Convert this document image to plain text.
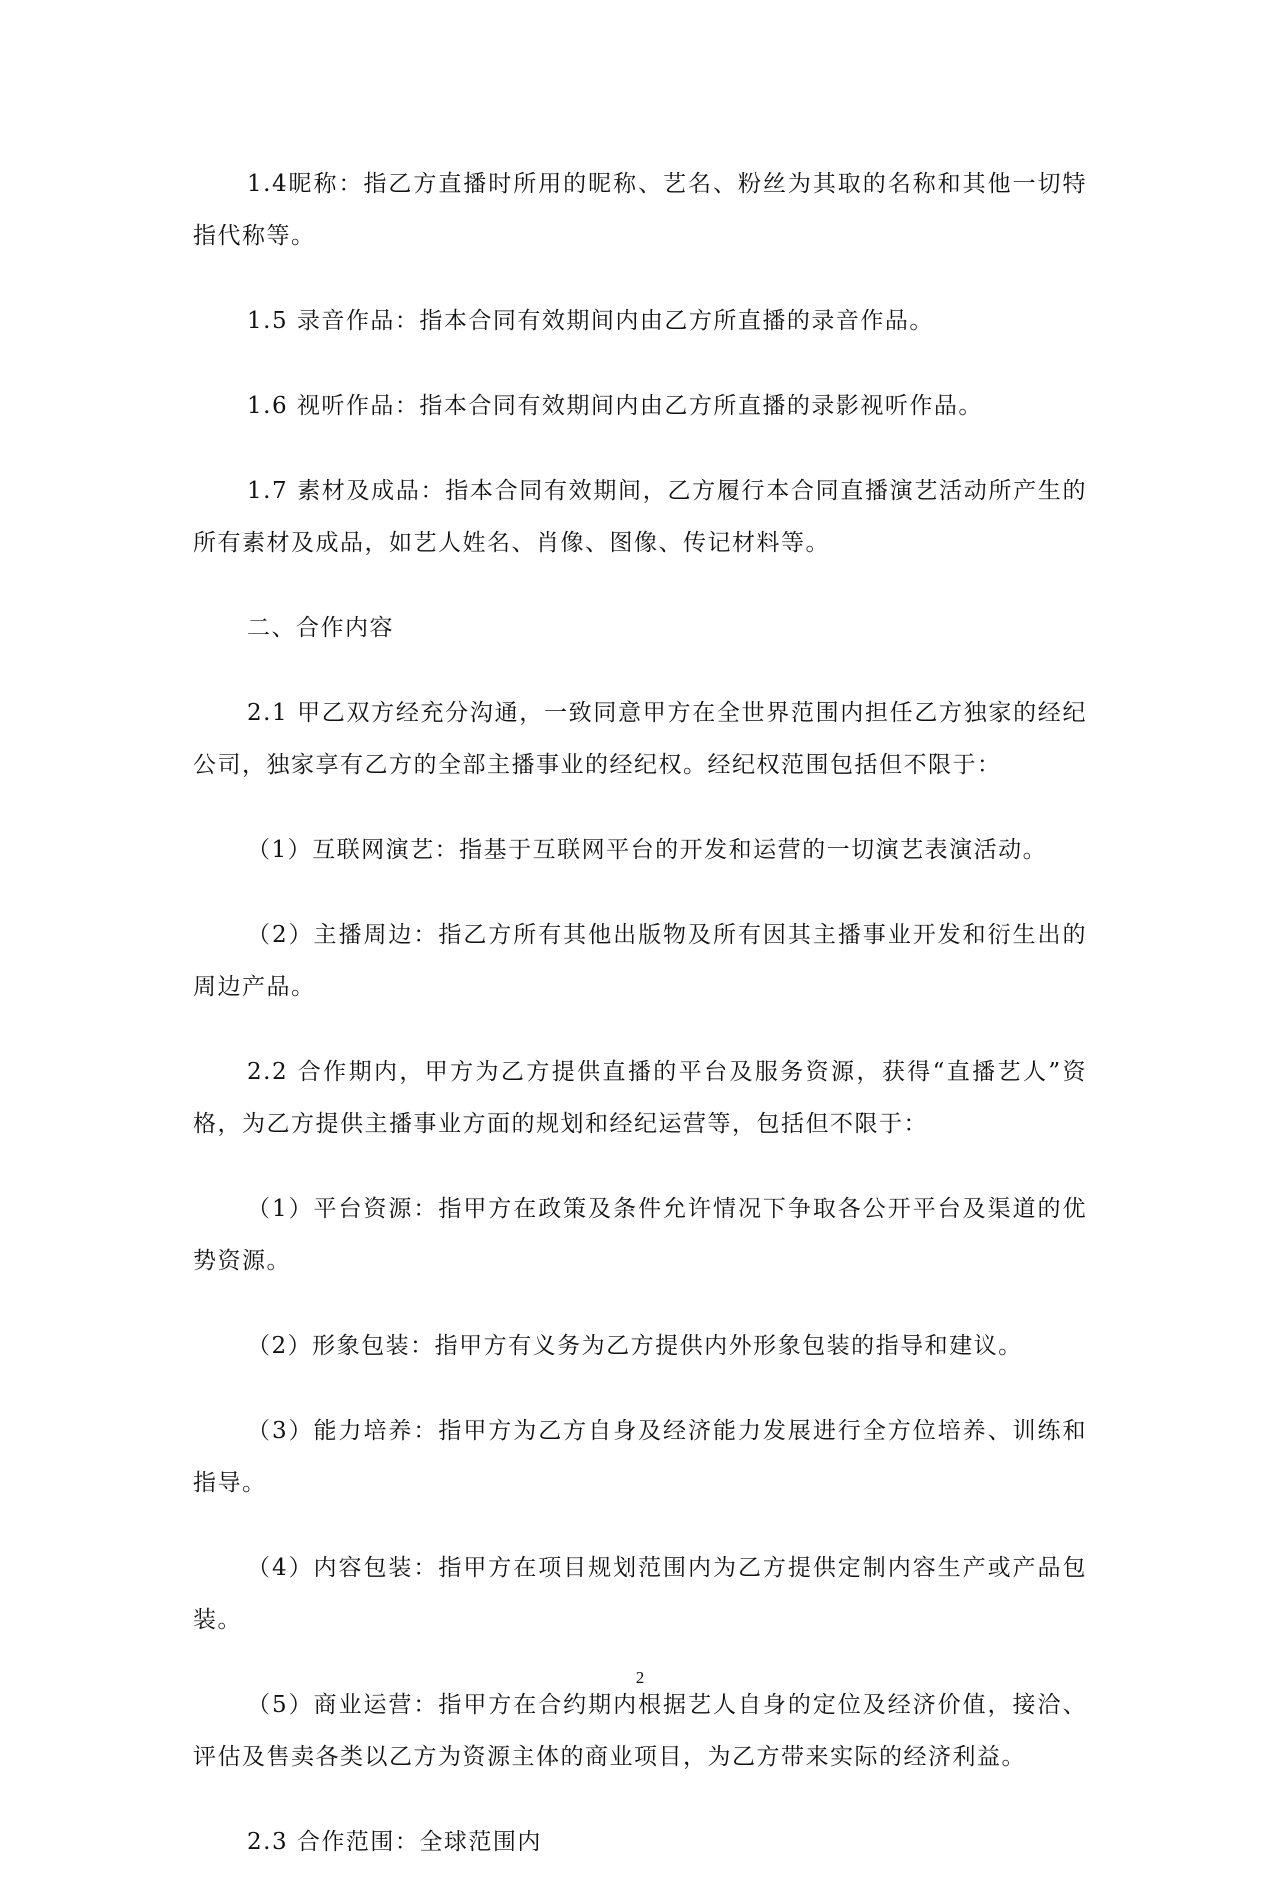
1.4昵称：指乙方直播时所用的昵称、艺名、粉丝为其取的名称和其他一切特指代称等。

1.5 录音作品：指本合同有效期间内由乙方所直播的录音作品。

1.6 视听作品：指本合同有效期间内由乙方所直播的录影视听作品。

1.7 素材及成品：指本合同有效期间，乙方履行本合同直播演艺活动所产生的所有素材及成品，如艺人姓名、肖像、图像、传记材料等。

二、合作内容

2.1 甲乙双方经充分沟通，一致同意甲方在全世界范围内担任乙方独家的经纪公司，独家享有乙方的全部主播事业的经纪权。经纪权范围包括但不限于：

（1）互联网演艺：指基于互联网平台的开发和运营的一切演艺表演活动。

（2）主播周边：指乙方所有其他出版物及所有因其主播事业开发和衍生出的周边产品。

2.2 合作期内，甲方为乙方提供直播的平台及服务资源，获得“直播艺人”资格，为乙方提供主播事业方面的规划和经纪运营等，包括但不限于：

（1）平台资源：指甲方在政策及条件允许情况下争取各公开平台及渠道的优势资源。

（2）形象包装：指甲方有义务为乙方提供内外形象包装的指导和建议。

（3）能力培养：指甲方为乙方自身及经济能力发展进行全方位培养、训练和指导。

（4）内容包装：指甲方在项目规划范围内为乙方提供定制内容生产或产品包装。

（5）商业运营：指甲方在合约期内根据艺人自身的定位及经济价值，接洽、评估及售卖各类以乙方为资源主体的商业项目，为乙方带来实际的经济利益。

2.3 合作范围：全球范围内

2
